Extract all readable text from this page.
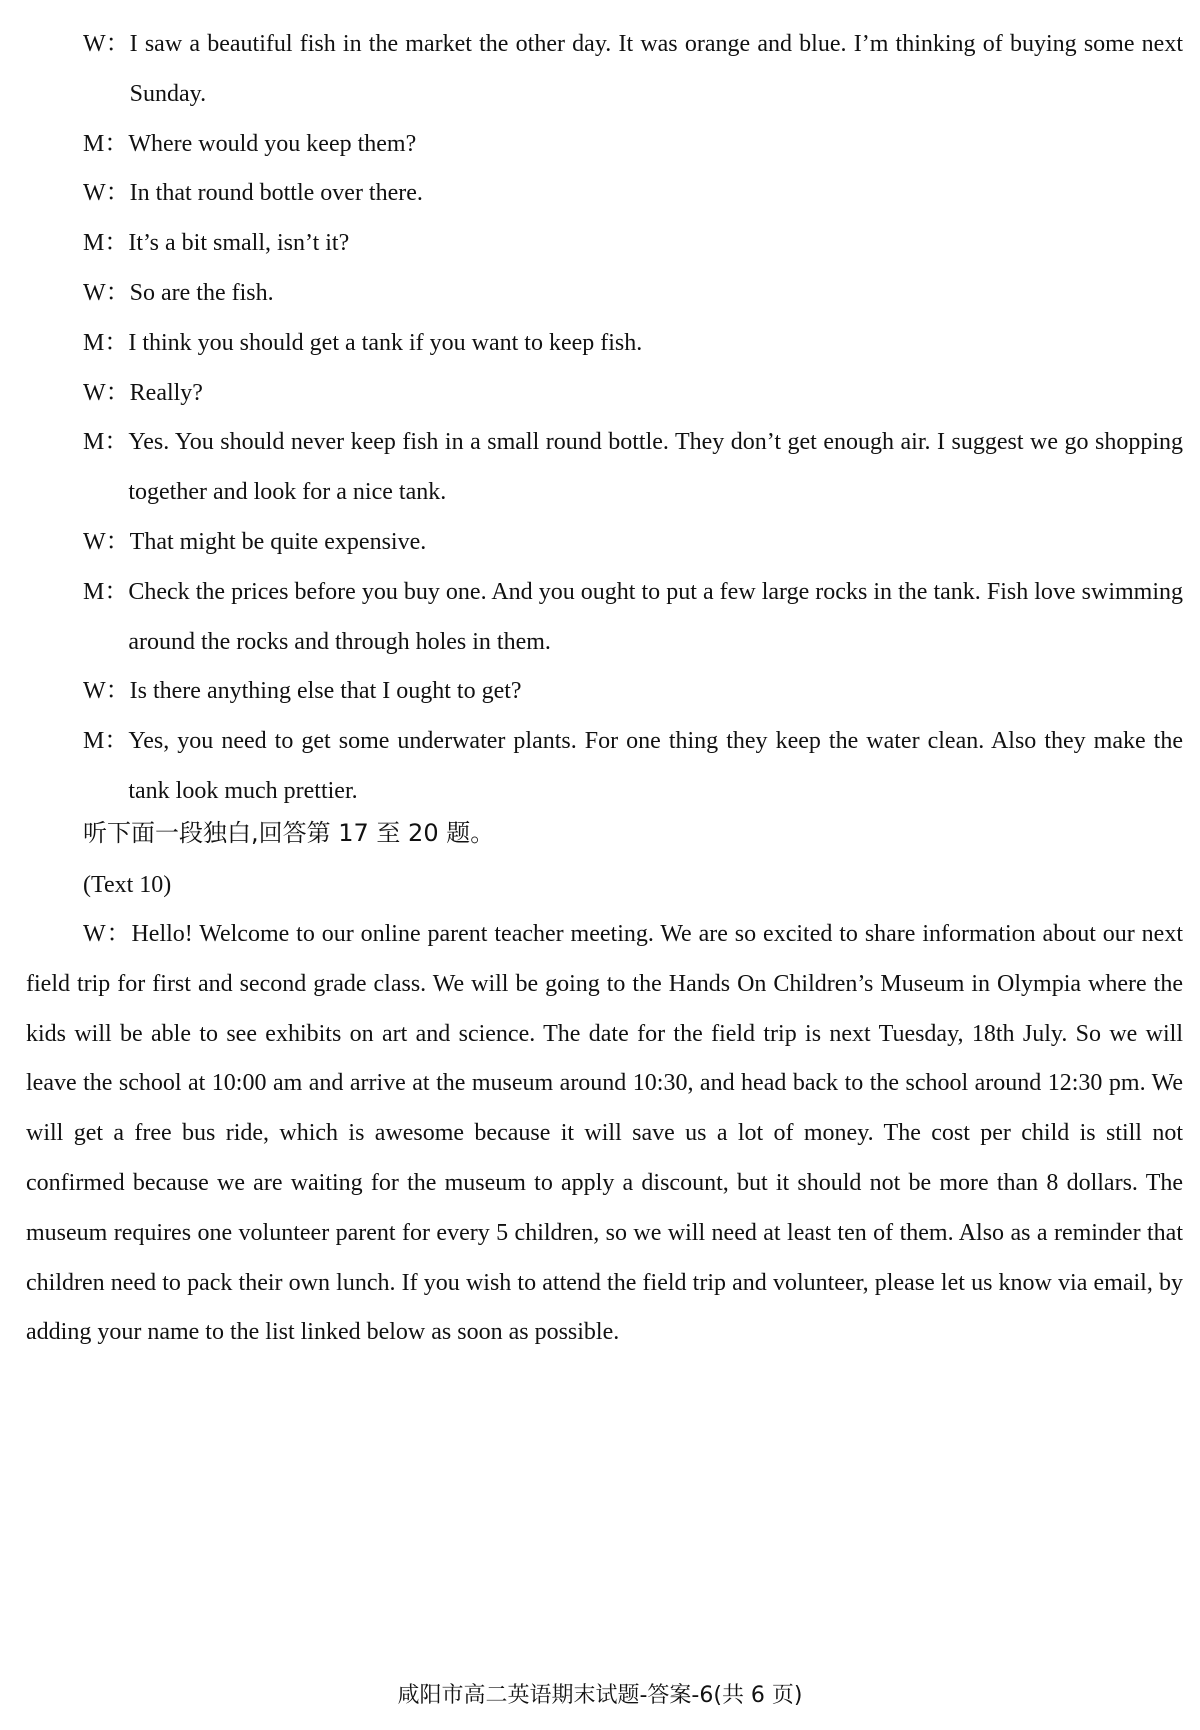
W： I saw a beautiful fish in the market the other day. It was orange and blue. I’m thinking of buying some next Sunday.
M： Where would you keep them?
W： In that round bottle over there.
M： It’s a bit small, isn’t it?
W： So are the fish.
M： I think you should get a tank if you want to keep fish.
W： Really?
M： Yes. You should never keep fish in a small round bottle. They don’t get enough air. I suggest we go shopping together and look for a nice tank.
W： That might be quite expensive.
M： Check the prices before you buy one. And you ought to put a few large rocks in the tank. Fish love swimming around the rocks and through holes in them.
W： Is there anything else that I ought to get?
M： Yes, you need to get some underwater plants. For one thing they keep the water clean. Also they make the tank look much prettier.
听下面一段独白,回答第 17 至 20 题。
(Text 10)
W：Hello! Welcome to our online parent teacher meeting. We are so excited to share information about our next field trip for first and second grade class. We will be going to the Hands On Children’s Museum in Olympia where the kids will be able to see exhibits on art and science. The date for the field trip is next Tuesday, 18th July. So we will leave the school at 10:00 am and arrive at the museum around 10:30, and head back to the school around 12:30 pm. We will get a free bus ride, which is awesome because it will save us a lot of money. The cost per child is still not confirmed because we are waiting for the museum to apply a discount, but it should not be more than 8 dollars. The museum requires one volunteer parent for every 5 children, so we will need at least ten of them. Also as a reminder that children need to pack their own lunch. If you wish to attend the field trip and volunteer, please let us know via email, by adding your name to the list linked below as soon as possible.
咸阳市高二英语期末试题-答案-6(共 6 页)
